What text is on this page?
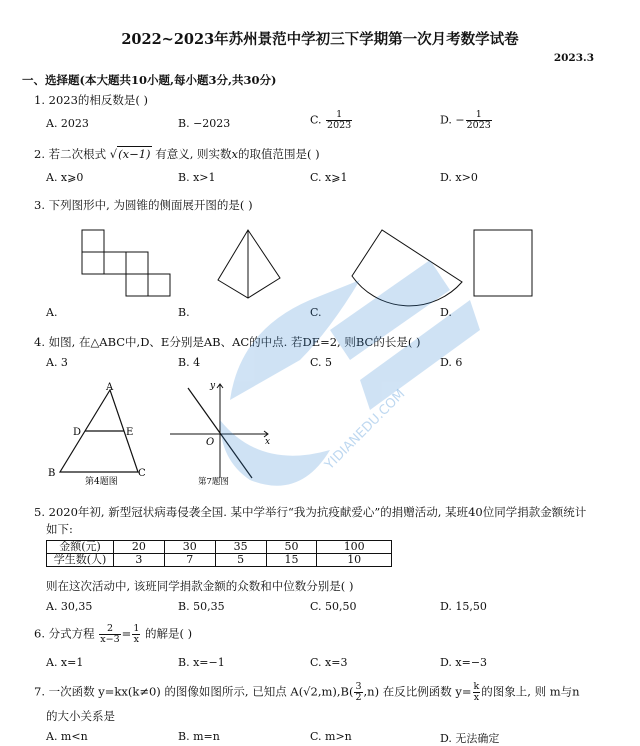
2022~2023年苏州景范中学初三下学期第一次月考数学试卷
2023.3
一、选择题(本大题共10小题,每小题3分,共30分)
1. 2023的相反数是( )
A. 2023	B. −2023	C. $\frac{1}{2023}$	D. − $\frac{1}{2023}$
2. 若二次根式 √(x−1) 有意义, 则实数x的取值范围是( )
A. x⩾0	B. x>1	C. x⩾1	D. x>0
3. 下列图形中, 为圆锥的侧面展开图的是( )
A.	B.	C.	D.
4. 如图, 在△ABC中,D、E分别是AB、AC的中点. 若DE=2, 则BC的长是( )
A. 3	B. 4	C. 5	D. 6
A
D	E
B	C
第4题图
y
x
O
第7题图
5. 2020年初, 新型冠状病毒侵袭全国. 某中学举行“我为抗疫献爱心”的捐赠活动, 某班40位同学捐款金额统计
如下:
金额(元)	20	30	35	50	100
学生数(人)	3	7	5	15	10
则在这次活动中, 该班同学捐款金额的众数和中位数分别是( )
A. 30,35	B. 50,35	C. 50,50	D. 15,50
6. 分式方程 $\frac{2}{x-3} = \frac{1}{x}$ 的解是( )
A. x=1	B. x=−1	C. x=3	D. x=−3
7. 一次函数 y=kx(k≠0) 的图像如图所示, 已知点 $A(√2,m),B( \frac{3}{2} ,n)$ 在反比例函数 $y= \frac{k}{x}$ 的图象上, 则 m与n
的大小关系是
A. m<n	B. m=n	C. m>n	D. 无法确定
YIDIANEDU.COM
